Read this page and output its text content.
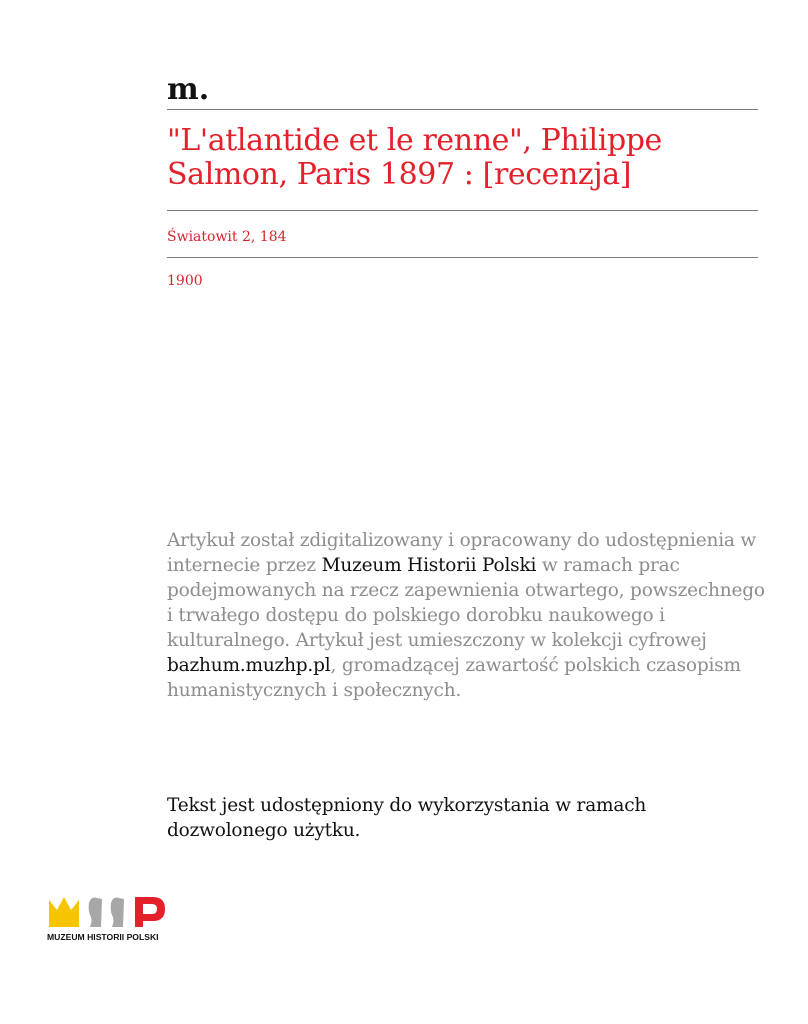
m.
"L'atlantide et le renne", Philippe Salmon, Paris 1897 : [recenzja]
Światowit 2, 184
1900
Artykuł został zdigitalizowany i opracowany do udostępnienia w internecie przez Muzeum Historii Polski w ramach prac podejmowanych na rzecz zapewnienia otwartego, powszechnego i trwałego dostępu do polskiego dorobku naukowego i kulturalnego. Artykuł jest umieszczony w kolekcji cyfrowej bazhum.muzhp.pl, gromadzącej zawartość polskich czasopism humanistycznych i społecznych.
Tekst jest udostępniony do wykorzystania w ramach dozwolonego użytku.
MUZEUM HISTORII POLSKI
